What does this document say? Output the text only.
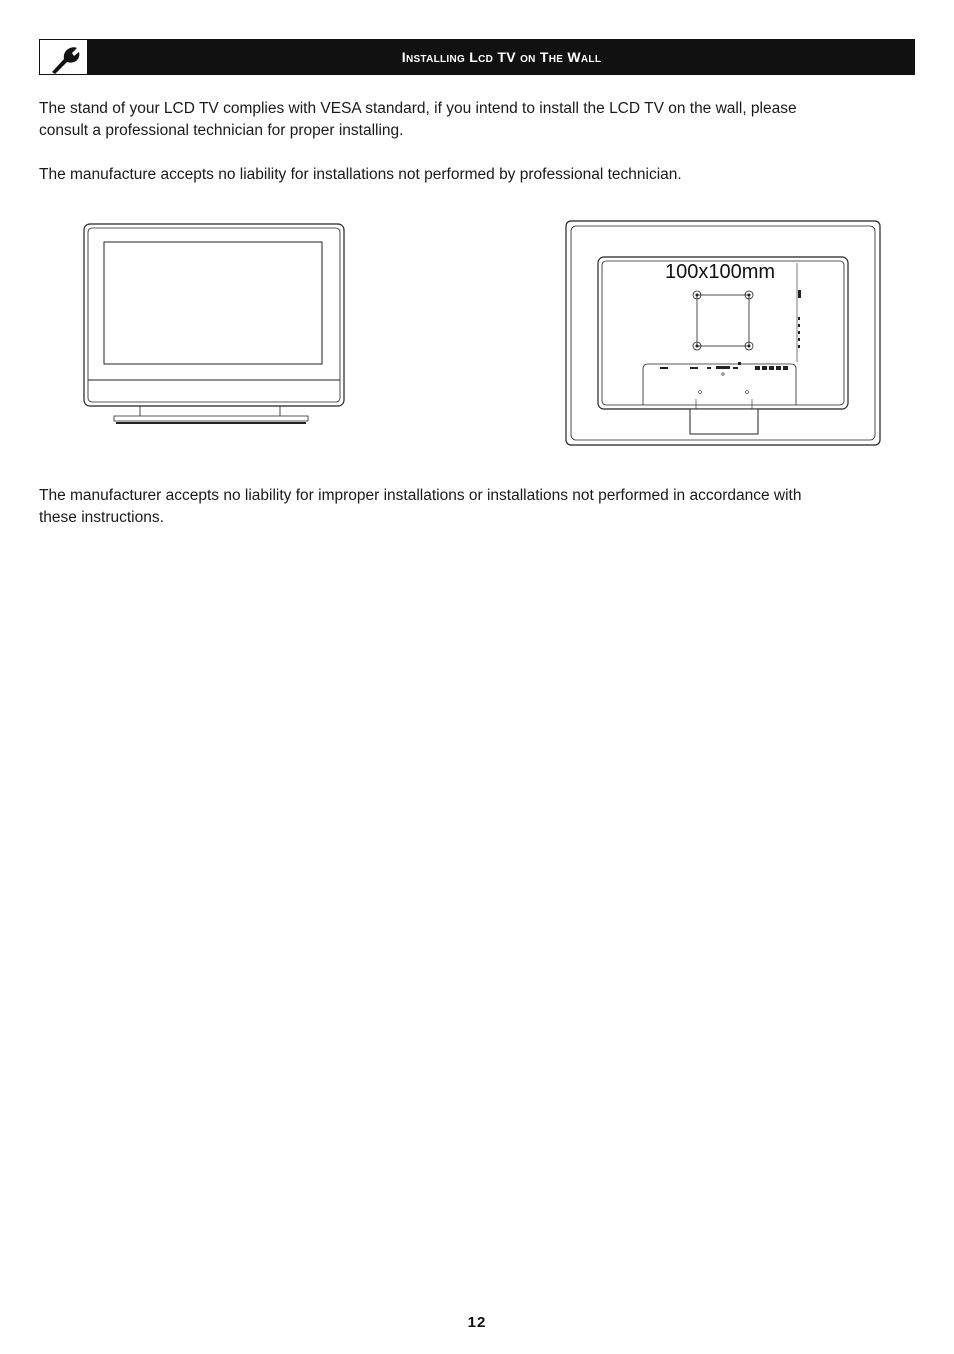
Installing Lcd TV on The Wall

The stand of your LCD TV complies with VESA standard, if you intend to install the LCD TV on the wall, please consult a professional technician for proper installing.

The manufacture accepts no liability for installations not performed by professional technician.

100x100mm

The manufacturer accepts no liability for improper installations or installations not performed in accordance with these instructions.

12
